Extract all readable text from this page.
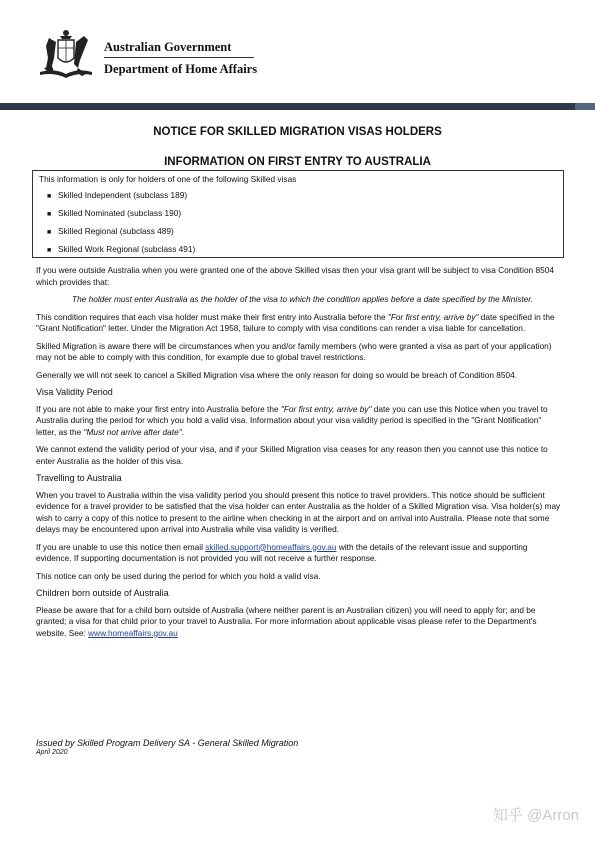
Australian Government
Department of Home Affairs
NOTICE FOR SKILLED MIGRATION VISAS HOLDERS
INFORMATION ON FIRST ENTRY TO AUSTRALIA
This information is only for holders of one of the following Skilled visas
■ Skilled Independent (subclass 189)
■ Skilled Nominated (subclass 190)
■ Skilled Regional (subclass 489)
■ Skilled Work Regional (subclass 491)

If you were outside Australia when you were granted one of the above Skilled visas then your visa grant will be subject to visa Condition 8504 which provides that:

The holder must enter Australia as the holder of the visa to which the condition applies before a date specified by the Minister.

This condition requires that each visa holder must make their first entry into Australia before the "For first entry, arrive by" date specified in the "Grant Notification" letter. Under the Migration Act 1958, failure to comply with visa conditions can render a visa liable for cancellation.

Skilled Migration is aware there will be circumstances when you and/or family members (who were granted a visa as part of your application) may not be able to comply with this condition, for example due to global travel restrictions.

Generally we will not seek to cancel a Skilled Migration visa where the only reason for doing so would be breach of Condition 8504.

Visa Validity Period

If you are not able to make your first entry into Australia before the "For first entry, arrive by" date you can use this Notice when you travel to Australia during the period for which you hold a valid visa. Information about your visa validity period is specified in the "Grant Notification" letter, as the "Must not arrive after date".

We cannot extend the validity period of your visa, and if your Skilled Migration visa ceases for any reason then you cannot use this notice to enter Australia as the holder of this visa.

Travelling to Australia

When you travel to Australia within the visa validity period you should present this notice to travel providers. This notice should be sufficient evidence for a travel provider to be satisfied that the visa holder can enter Australia as the holder of a Skilled Migration visa. Visa holder(s) may wish to carry a copy of this notice to present to the airline when checking in at the airport and on arrival into Australia. Please note that some delays may be encountered upon arrival into Australia while visa validity is verified.

If you are unable to use this notice then email skilled.support@homeaffairs.gov.au with the details of the relevant issue and supporting evidence. If supporting documentation is not provided you will not receive a further response.

This notice can only be used during the period for which you hold a valid visa.

Children born outside of Australia

Please be aware that for a child born outside of Australia (where neither parent is an Australian citizen) you will need to apply for; and be granted; a visa for that child prior to your travel to Australia. For more information about applicable visas please refer to the Department's website. See: www.homeaffairs.gov.au

Issued by Skilled Program Delivery SA - General Skilled Migration
April 2020
知乎 @Arron
